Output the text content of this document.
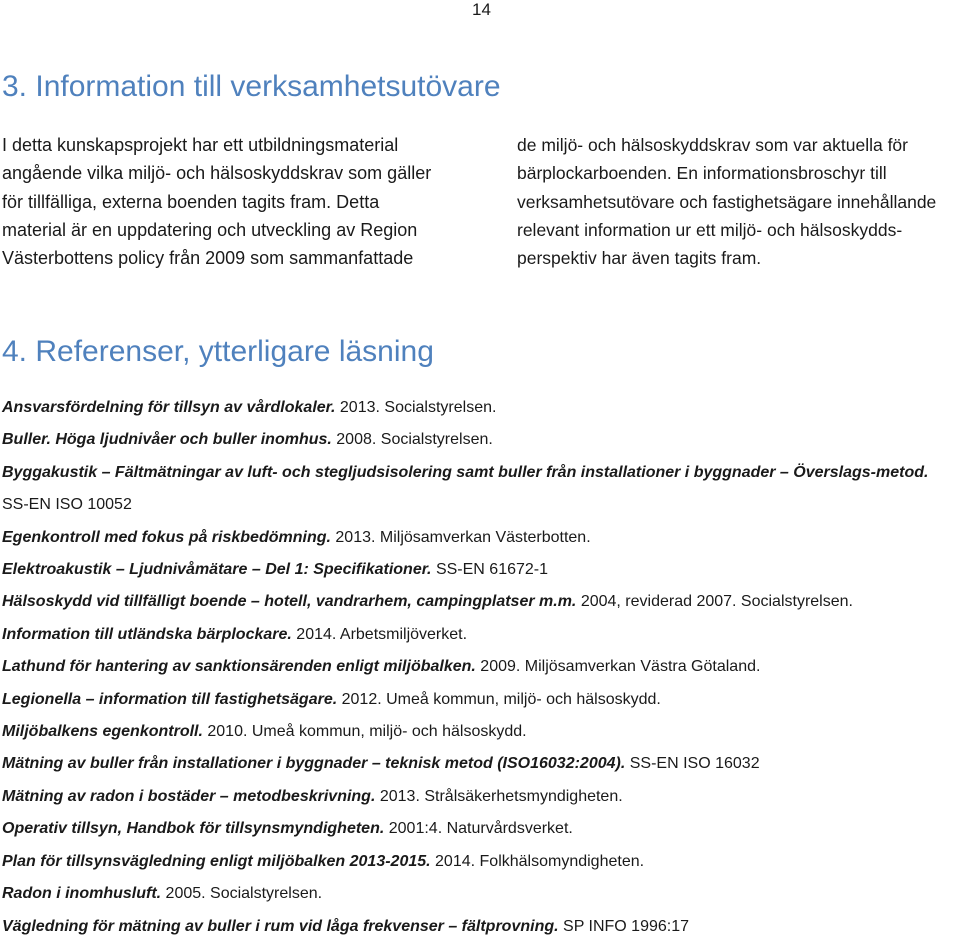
14
3. Information till verksamhetsutövare
I detta kunskapsprojekt har ett utbildningsmaterial
angående vilka miljö- och hälsoskyddskrav som gäller
för tillfälliga, externa boenden tagits fram. Detta
material är en uppdatering och utveckling av Region
Västerbottens policy från 2009 som sammanfattade
de miljö- och hälsoskyddskrav som var aktuella för
bärplockarboenden. En informationsbroschyr till
verksamhetsutövare och fastighetsägare innehållande
relevant information ur ett miljö- och hälsoskydds-
perspektiv har även tagits fram.
4. Referenser, ytterligare läsning
Ansvarsfördelning för tillsyn av vårdlokaler. 2013. Socialstyrelsen.
Buller. Höga ljudnivåer och buller inomhus. 2008. Socialstyrelsen.
Byggakustik – Fältmätningar av luft- och stegljudsisolering samt buller från installationer i byggnader – Överslags-metod. SS-EN ISO 10052
Egenkontroll med fokus på riskbedömning. 2013. Miljösamverkan Västerbotten.
Elektroakustik – Ljudnivåmätare – Del 1: Specifikationer. SS-EN 61672-1
Hälsoskydd vid tillfälligt boende – hotell, vandrarhem, campingplatser m.m. 2004, reviderad 2007. Socialstyrelsen.
Information till utländska bärplockare. 2014. Arbetsmiljöverket.
Lathund för hantering av sanktionsärenden enligt miljöbalken. 2009. Miljösamverkan Västra Götaland.
Legionella – information till fastighetsägare. 2012. Umeå kommun, miljö- och hälsoskydd.
Miljöbalkens egenkontroll. 2010. Umeå kommun, miljö- och hälsoskydd.
Mätning av buller från installationer i byggnader – teknisk metod (ISO16032:2004). SS-EN ISO 16032
Mätning av radon i bostäder – metodbeskrivning. 2013. Strålsäkerhetsmyndigheten.
Operativ tillsyn, Handbok för tillsynsmyndigheten. 2001:4. Naturvårdsverket.
Plan för tillsynsvägledning enligt miljöbalken 2013-2015. 2014. Folkhälsomyndigheten.
Radon i inomhusluft. 2005. Socialstyrelsen.
Vägledning för mätning av buller i rum vid låga frekvenser – fältprovning. SP INFO 1996:17
